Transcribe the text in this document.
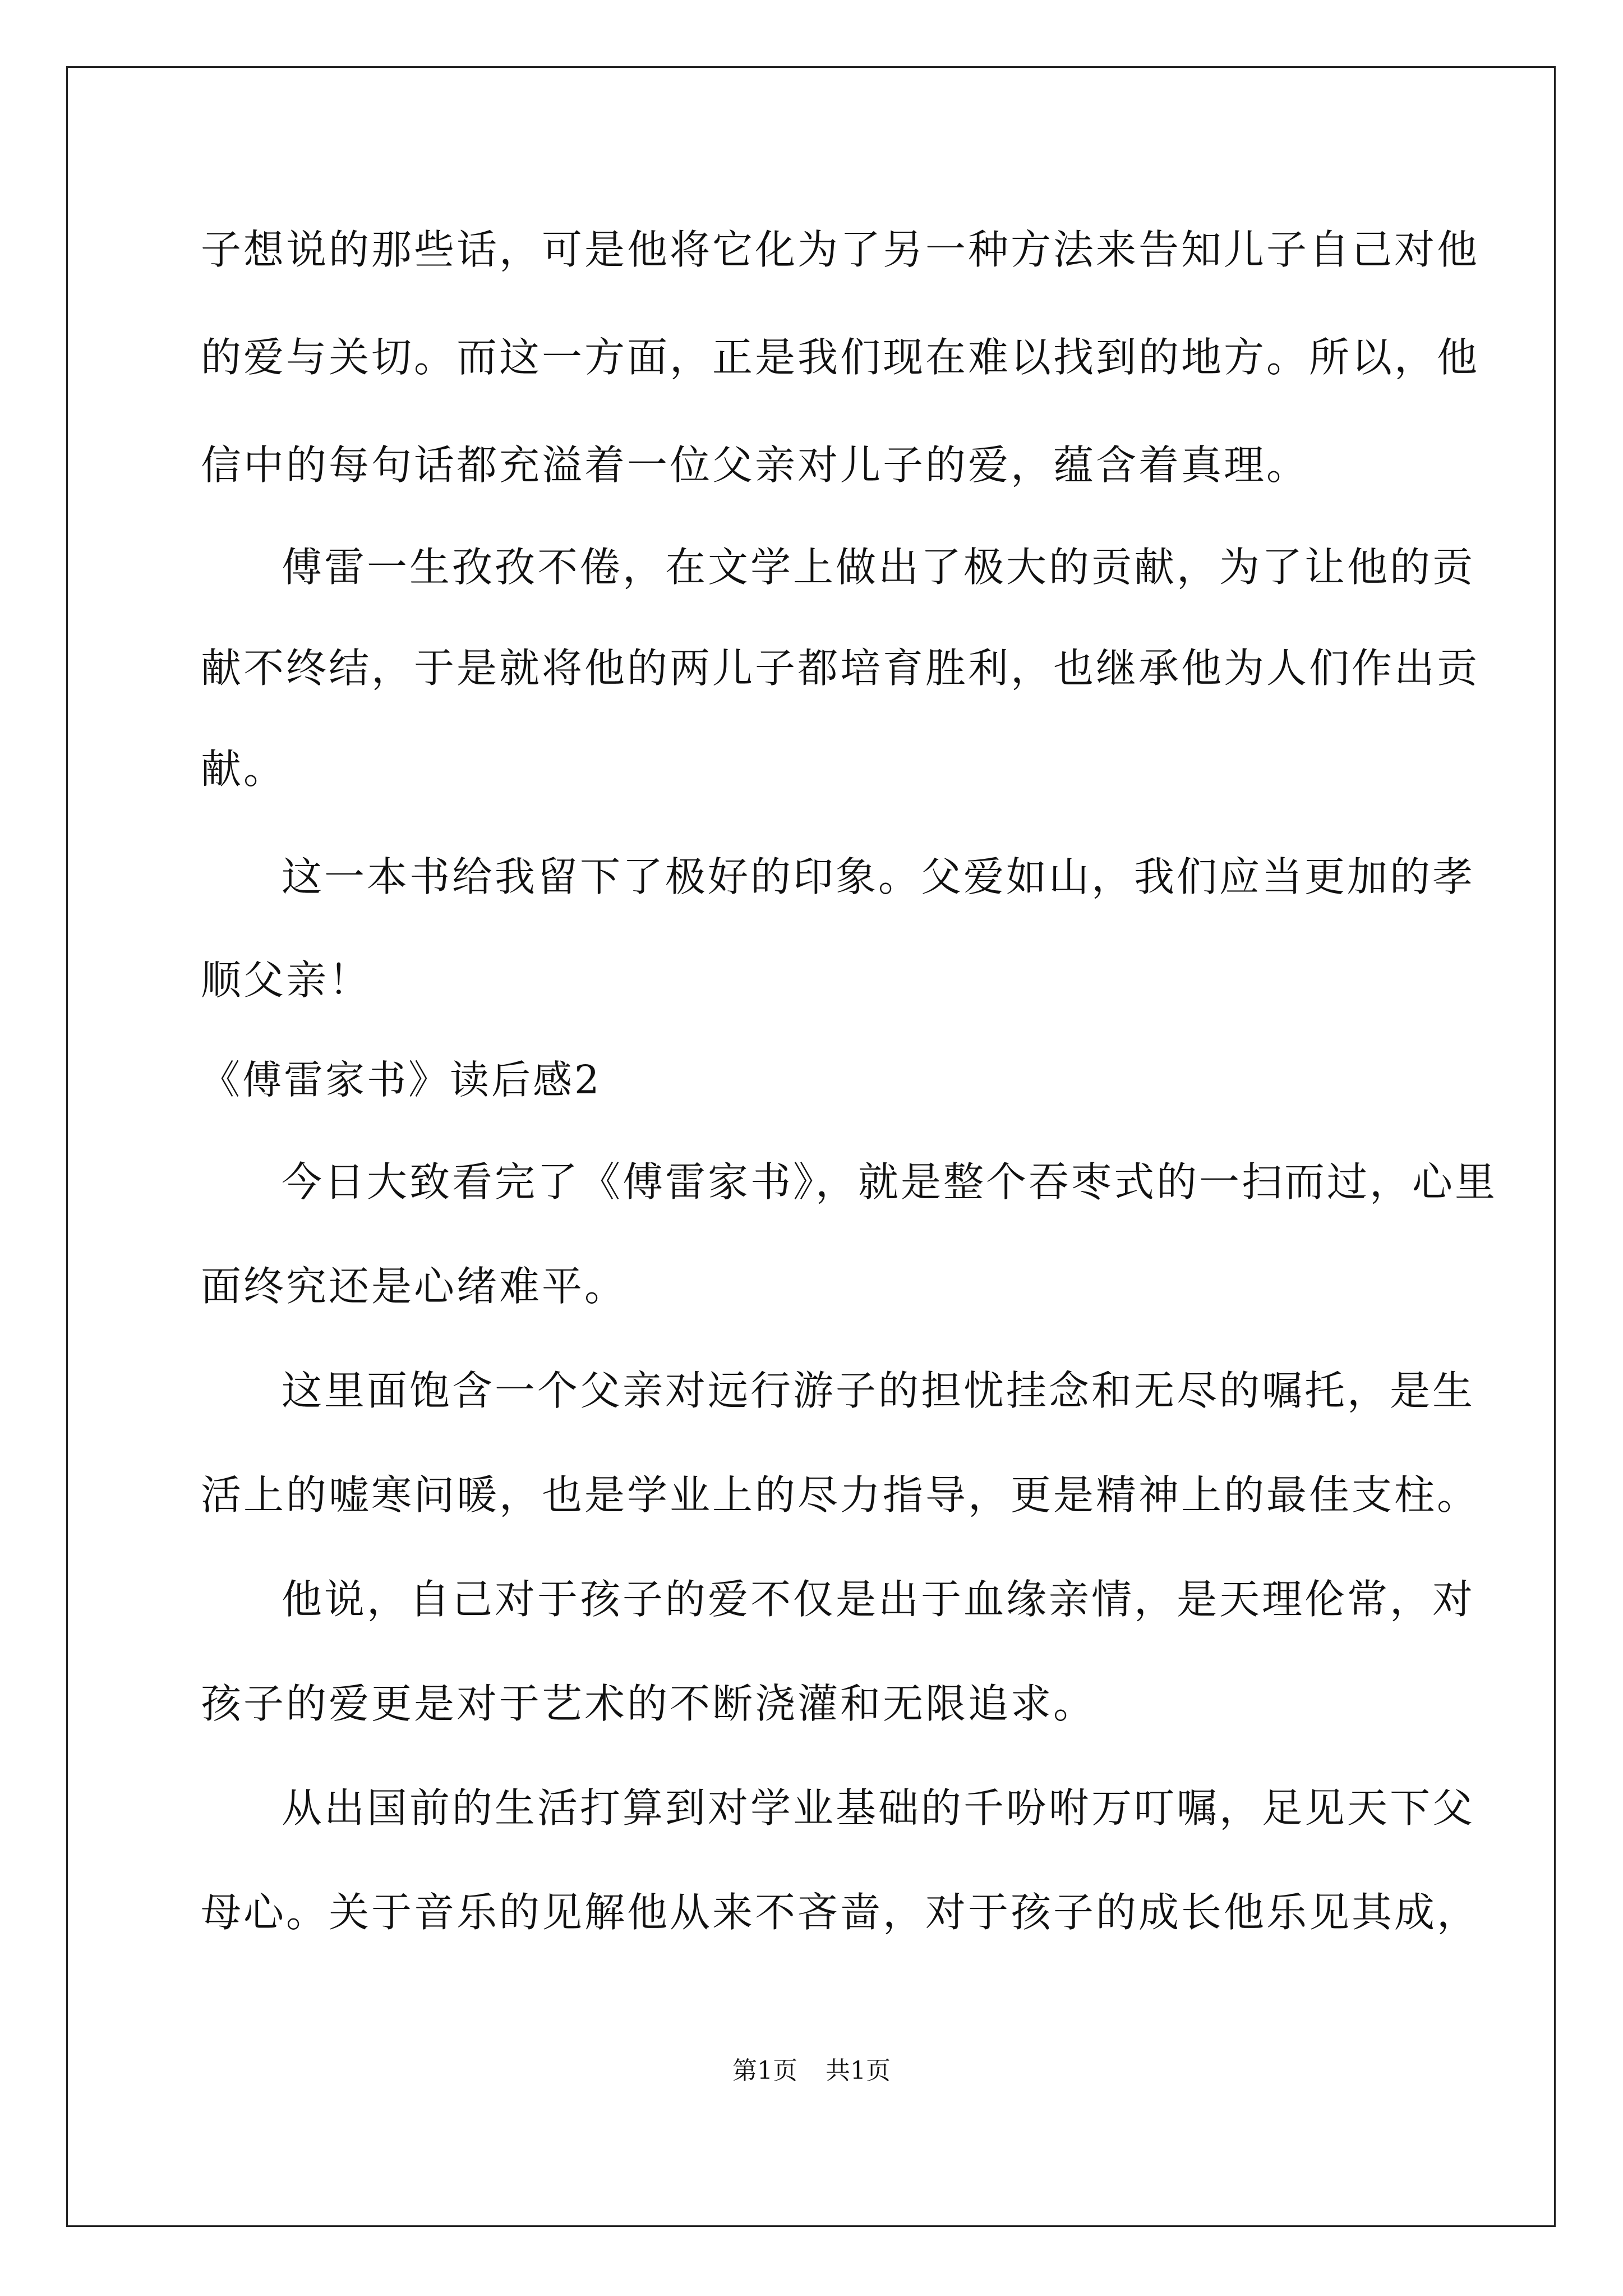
子想说的那些话，可是他将它化为了另一种方法来告知儿子自己对他
的爱与关切。而这一方面，正是我们现在难以找到的地方。所以，他
信中的每句话都充溢着一位父亲对儿子的爱，蕴含着真理。
傅雷一生孜孜不倦，在文学上做出了极大的贡献，为了让他的贡
献不终结，于是就将他的两儿子都培育胜利，也继承他为人们作出贡
献。
这一本书给我留下了极好的印象。父爱如山，我们应当更加的孝
顺父亲！
《傅雷家书》读后感2
今日大致看完了《傅雷家书》，就是整个吞枣式的一扫而过，心里
面终究还是心绪难平。
这里面饱含一个父亲对远行游子的担忧挂念和无尽的嘱托，是生
活上的嘘寒问暖，也是学业上的尽力指导，更是精神上的最佳支柱。
他说，自己对于孩子的爱不仅是出于血缘亲情，是天理伦常，对
孩子的爱更是对于艺术的不断浇灌和无限追求。
从出国前的生活打算到对学业基础的千吩咐万叮嘱，足见天下父
母心。关于音乐的见解他从来不吝啬，对于孩子的成长他乐见其成，
第1页 共1页
